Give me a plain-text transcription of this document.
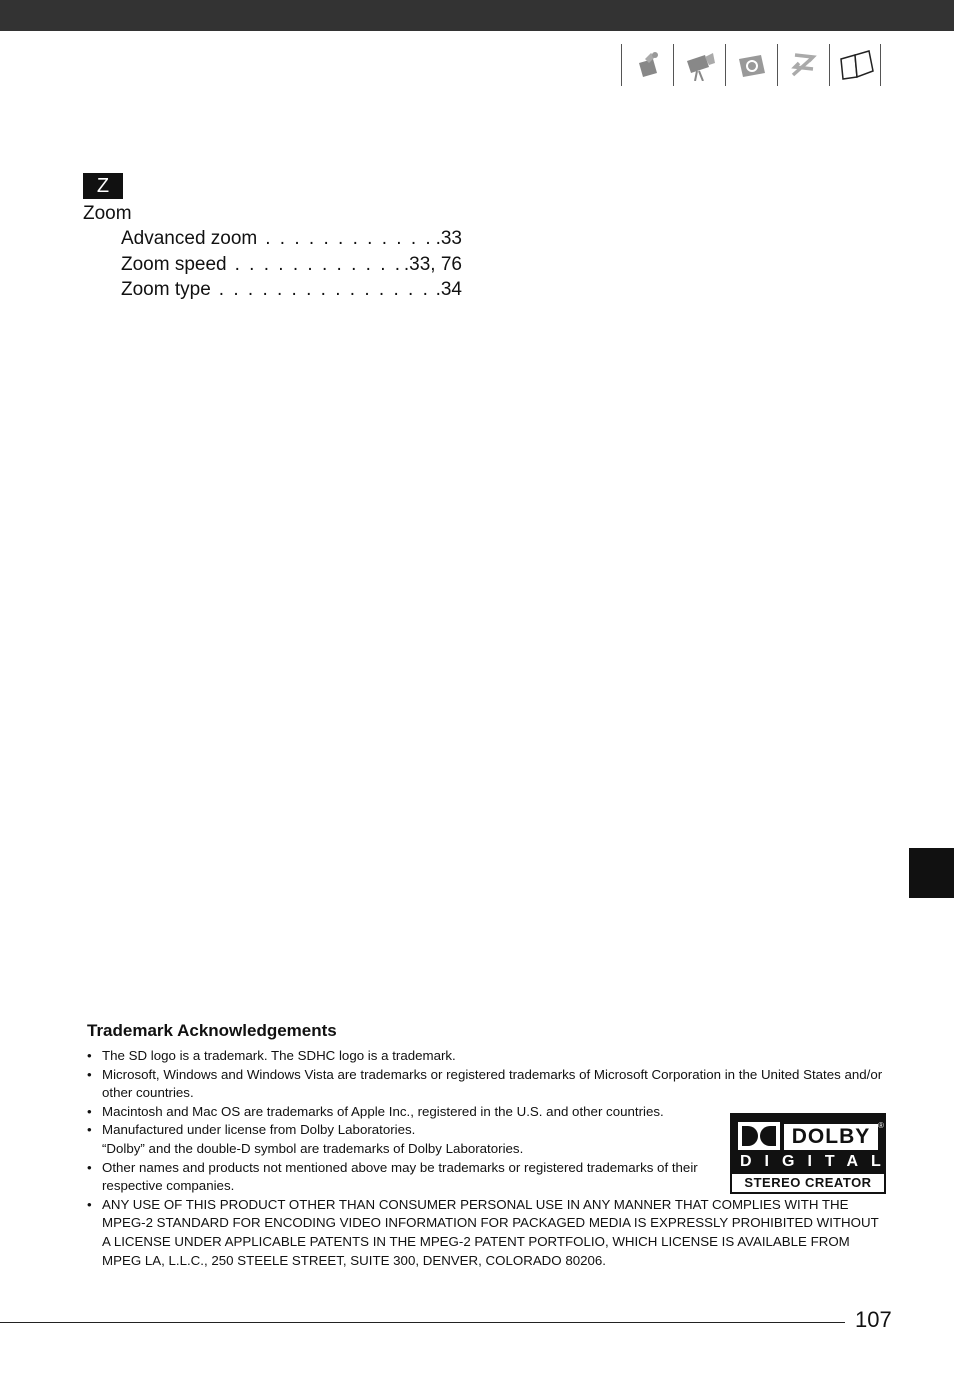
Z
Zoom
Advanced zoom . . .	.33
Zoom speed . . .	.33, 76
Zoom type . . .	.34
Trademark Acknowledgements
• The SD logo is a trademark. The SDHC logo is a trademark.
• Microsoft, Windows and Windows Vista are trademarks or registered trademarks of Microsoft Corporation in the United States and/or other countries.
• Macintosh and Mac OS are trademarks of Apple Inc., registered in the U.S. and other countries.
• Manufactured under license from Dolby Laboratories.
“Dolby” and the double-D symbol are trademarks of Dolby Laboratories.
• Other names and products not mentioned above may be trademarks or registered trademarks of their respective companies.
• ANY USE OF THIS PRODUCT OTHER THAN CONSUMER PERSONAL USE IN ANY MANNER THAT COMPLIES WITH THE MPEG-2 STANDARD FOR ENCODING VIDEO INFORMATION FOR PACKAGED MEDIA IS EXPRESSLY PROHIBITED WITHOUT A LICENSE UNDER APPLICABLE PATENTS IN THE MPEG-2 PATENT PORTFOLIO, WHICH LICENSE IS AVAILABLE FROM MPEG LA, L.L.C., 250 STEELE STREET, SUITE 300, DENVER, COLORADO 80206.
DOLBY ®
DIGITAL
STEREO CREATOR
107
